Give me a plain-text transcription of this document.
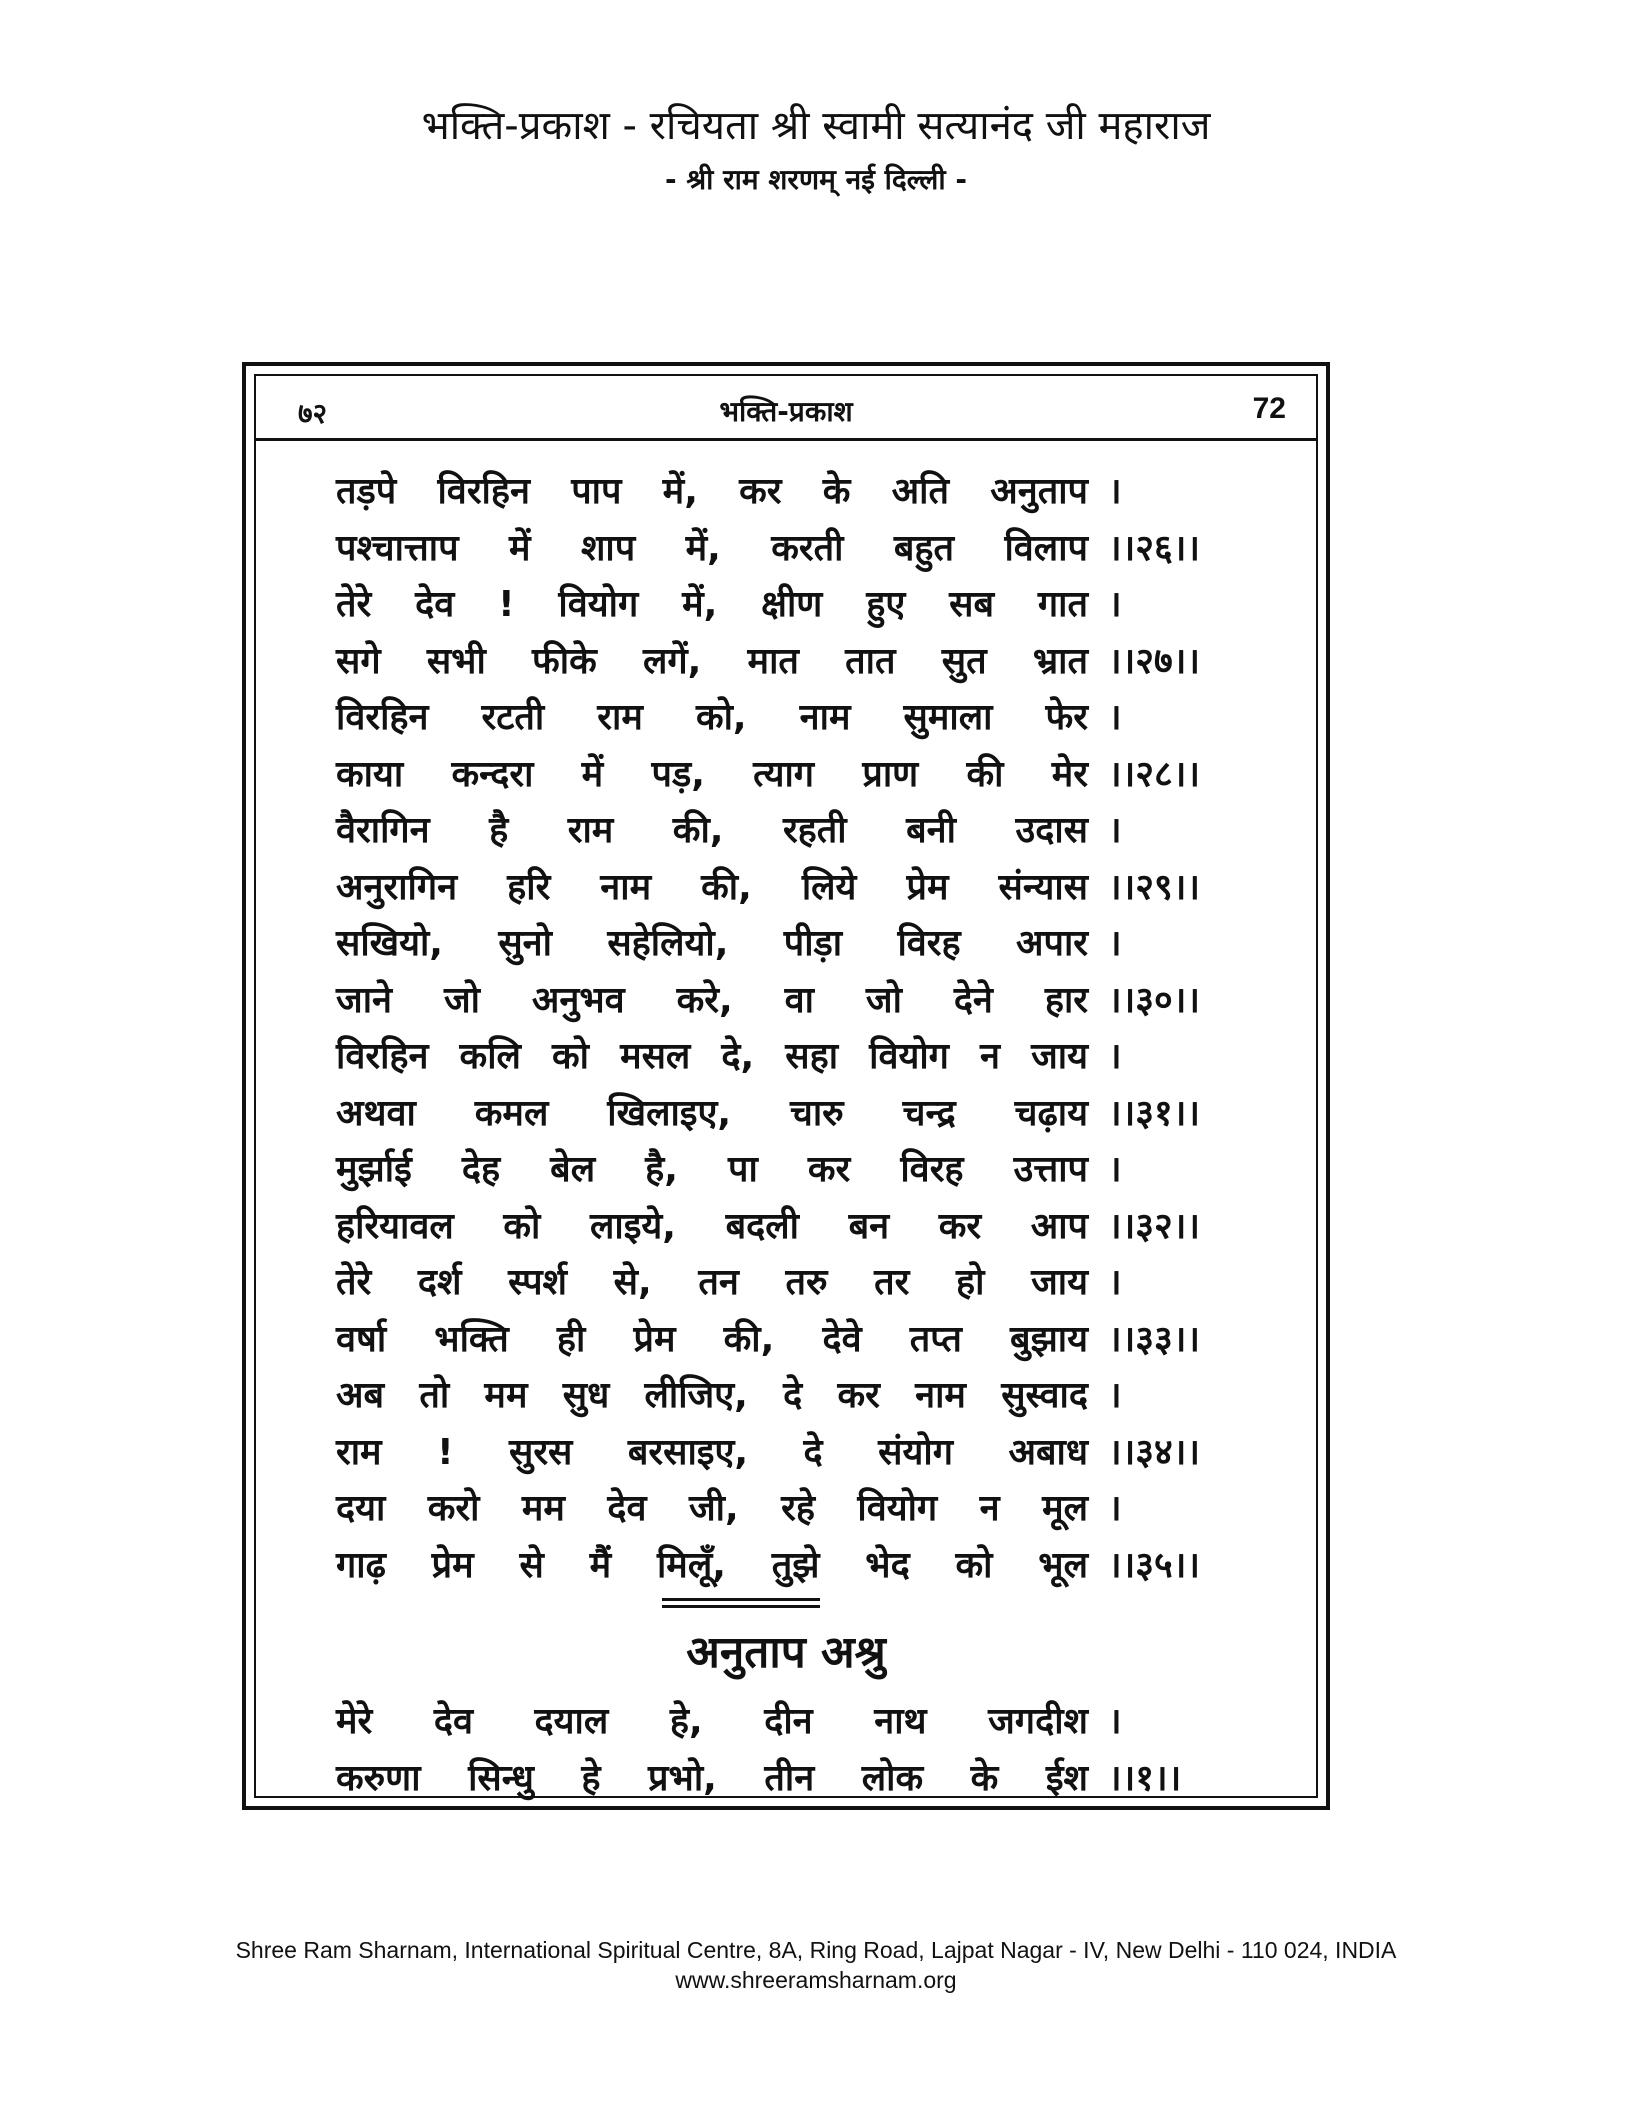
भक्ति-प्रकाश - रचियता श्री स्वामी सत्यानंद जी महाराज
- श्री राम शरणम् नई दिल्ली -
७२	भक्ति-प्रकाश	72
तड़पे विरहिन पाप में, कर के अति अनुताप ।
पश्चात्ताप में शाप में, करती बहुत विलाप ।।२६।।
तेरे देव ! वियोग में, क्षीण हुए सब गात ।
सगे सभी फीके लगें, मात तात सुत भ्रात ।।२७।।
विरहिन रटती राम को, नाम सुमाला फेर ।
काया कन्दरा में पड़, त्याग प्राण की मेर ।।२८।।
वैरागिन है राम की, रहती बनी उदास ।
अनुरागिन हरि नाम की, लिये प्रेम संन्यास ।।२९।।
सखियो, सुनो सहेलियो, पीड़ा विरह अपार ।
जाने जो अनुभव करे, वा जो देने हार ।।३०।।
विरहिन कलि को मसल दे, सहा वियोग न जाय ।
अथवा कमल खिलाइए, चारु चन्द्र चढ़ाय ।।३१।।
मुर्झाई देह बेल है, पा कर विरह उत्ताप ।
हरियावल को लाइये, बदली बन कर आप ।।३२।।
तेरे दर्श स्पर्श से, तन तरु तर हो जाय ।
वर्षा भक्ति ही प्रेम की, देवे तप्त बुझाय ।।३३।।
अब तो मम सुध लीजिए, दे कर नाम सुस्वाद ।
राम ! सुरस बरसाइए, दे संयोग अबाध ।।३४।।
दया करो मम देव जी, रहे वियोग न मूल ।
गाढ़ प्रेम से मैं मिलूँ, तुझे भेद को भूल ।।३५।।
अनुताप अश्रु
मेरे देव दयाल हे, दीन नाथ जगदीश ।
करुणा सिन्धु हे प्रभो, तीन लोक के ईश ।।१।।
Shree Ram Sharnam, International Spiritual Centre, 8A, Ring Road, Lajpat Nagar - IV, New Delhi - 110 024, INDIA
www.shreeramsharnam.org
